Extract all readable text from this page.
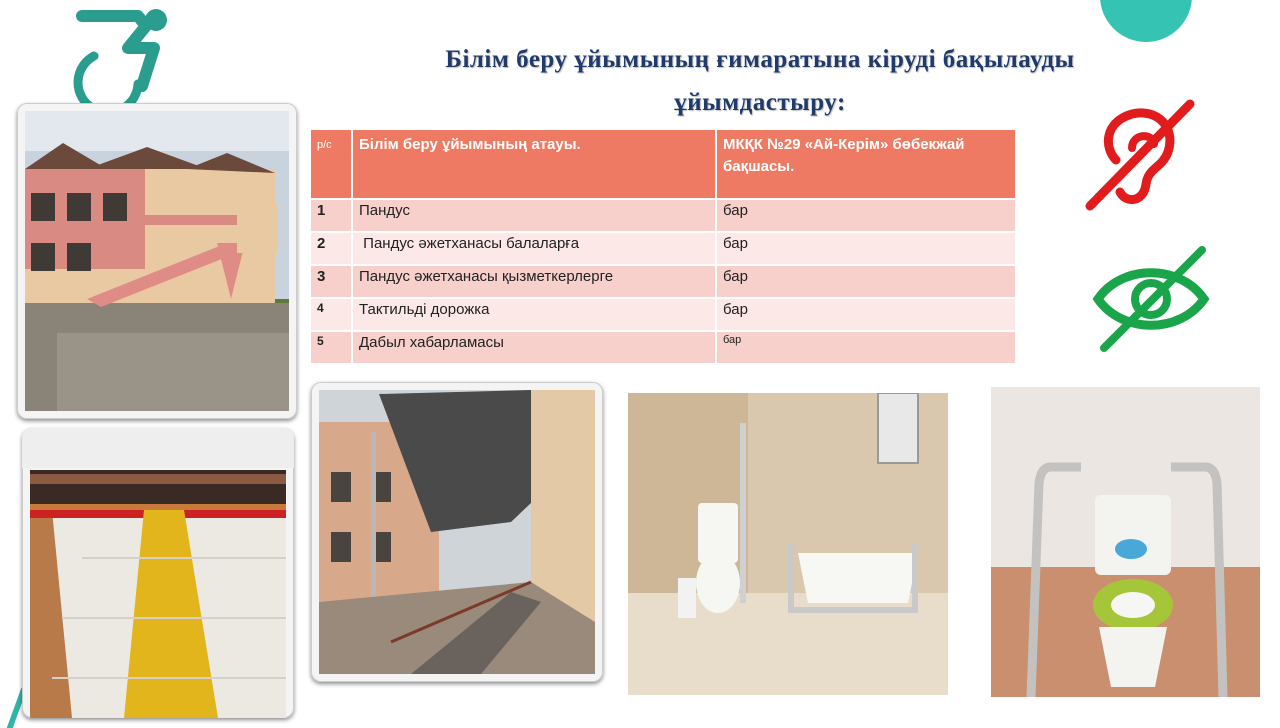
Білім беру ұйымының ғимаратына кіруді бақылауды
ұйымдастыру:
р/с	Білім беру ұйымының атауы.	МКҚК №29 «Ай-Керім» бөбекжай бақшасы.
1	Пандус	бар
2	Пандус әжетханасы балаларға	бар
3	Пандус әжетханасы қызметкерлерге	бар
4	Тактильді дорожка	бар
5	Дабыл хабарламасы	бар
